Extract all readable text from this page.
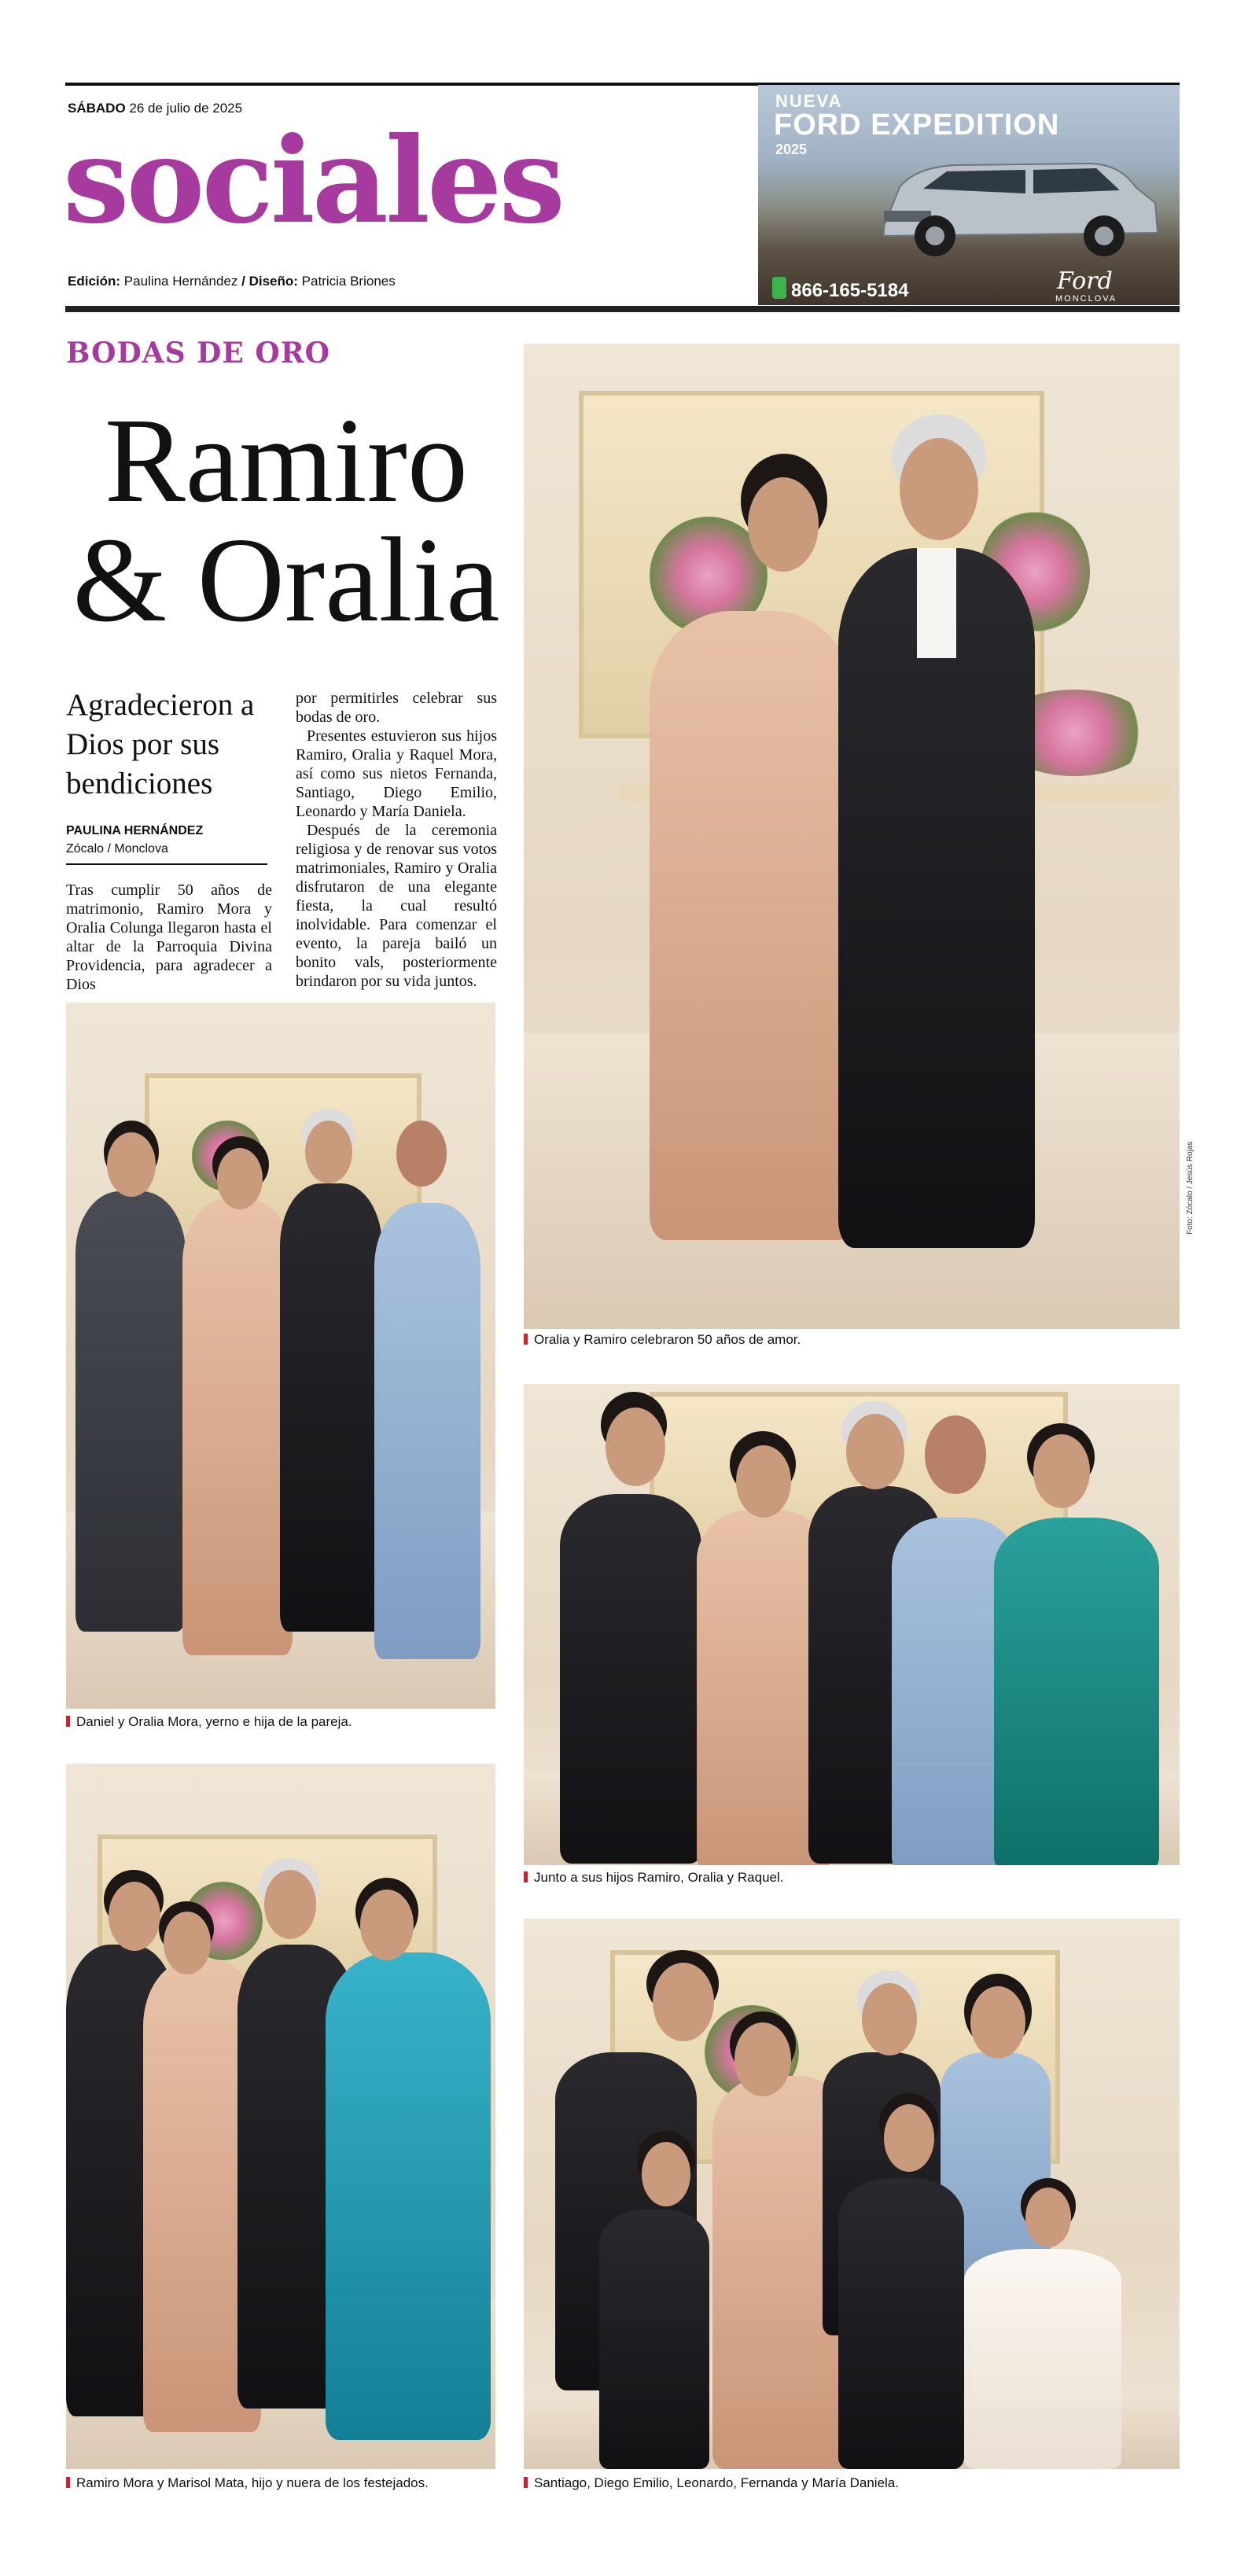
SÁBADO 26 de julio de 2025
sociales
Edición: Paulina Hernández / Diseño: Patricia Briones
NUEVA
FORD EXPEDITION
2025
866-165-5184	Ford
MONCLOVA
BODAS DE ORO
Ramiro
& Oralia
Agradecieron a Dios por sus bendiciones
PAULINA HERNÁNDEZ
Zócalo / Monclova

Tras cumplir 50 años de matrimonio, Ramiro Mora y Oralia Colunga llegaron hasta el altar de la Parroquia Divina Providencia, para agradecer a Dios

por permitirles celebrar sus bodas de oro.

Presentes estuvieron sus hijos Ramiro, Oralia y Raquel Mora, así como sus nietos Fernanda, Santiago, Diego Emilio, Leonardo y María Daniela.

Después de la ceremonia religiosa y de renovar sus votos matrimoniales, Ramiro y Oralia disfrutaron de una elegante fiesta, la cual resultó inolvidable. Para comenzar el evento, la pareja bailó un bonito vals, posteriormente brindaron por su vida juntos.

Oralia y Ramiro celebraron 50 años de amor.
Foto: Zócalo / Jesús Rojas
Daniel y Oralia Mora, yerno e hija de la pareja.
Junto a sus hijos Ramiro, Oralia y Raquel.
Ramiro Mora y Marisol Mata, hijo y nuera de los festejados.	Santiago, Diego Emilio, Leonardo, Fernanda y María Daniela.
